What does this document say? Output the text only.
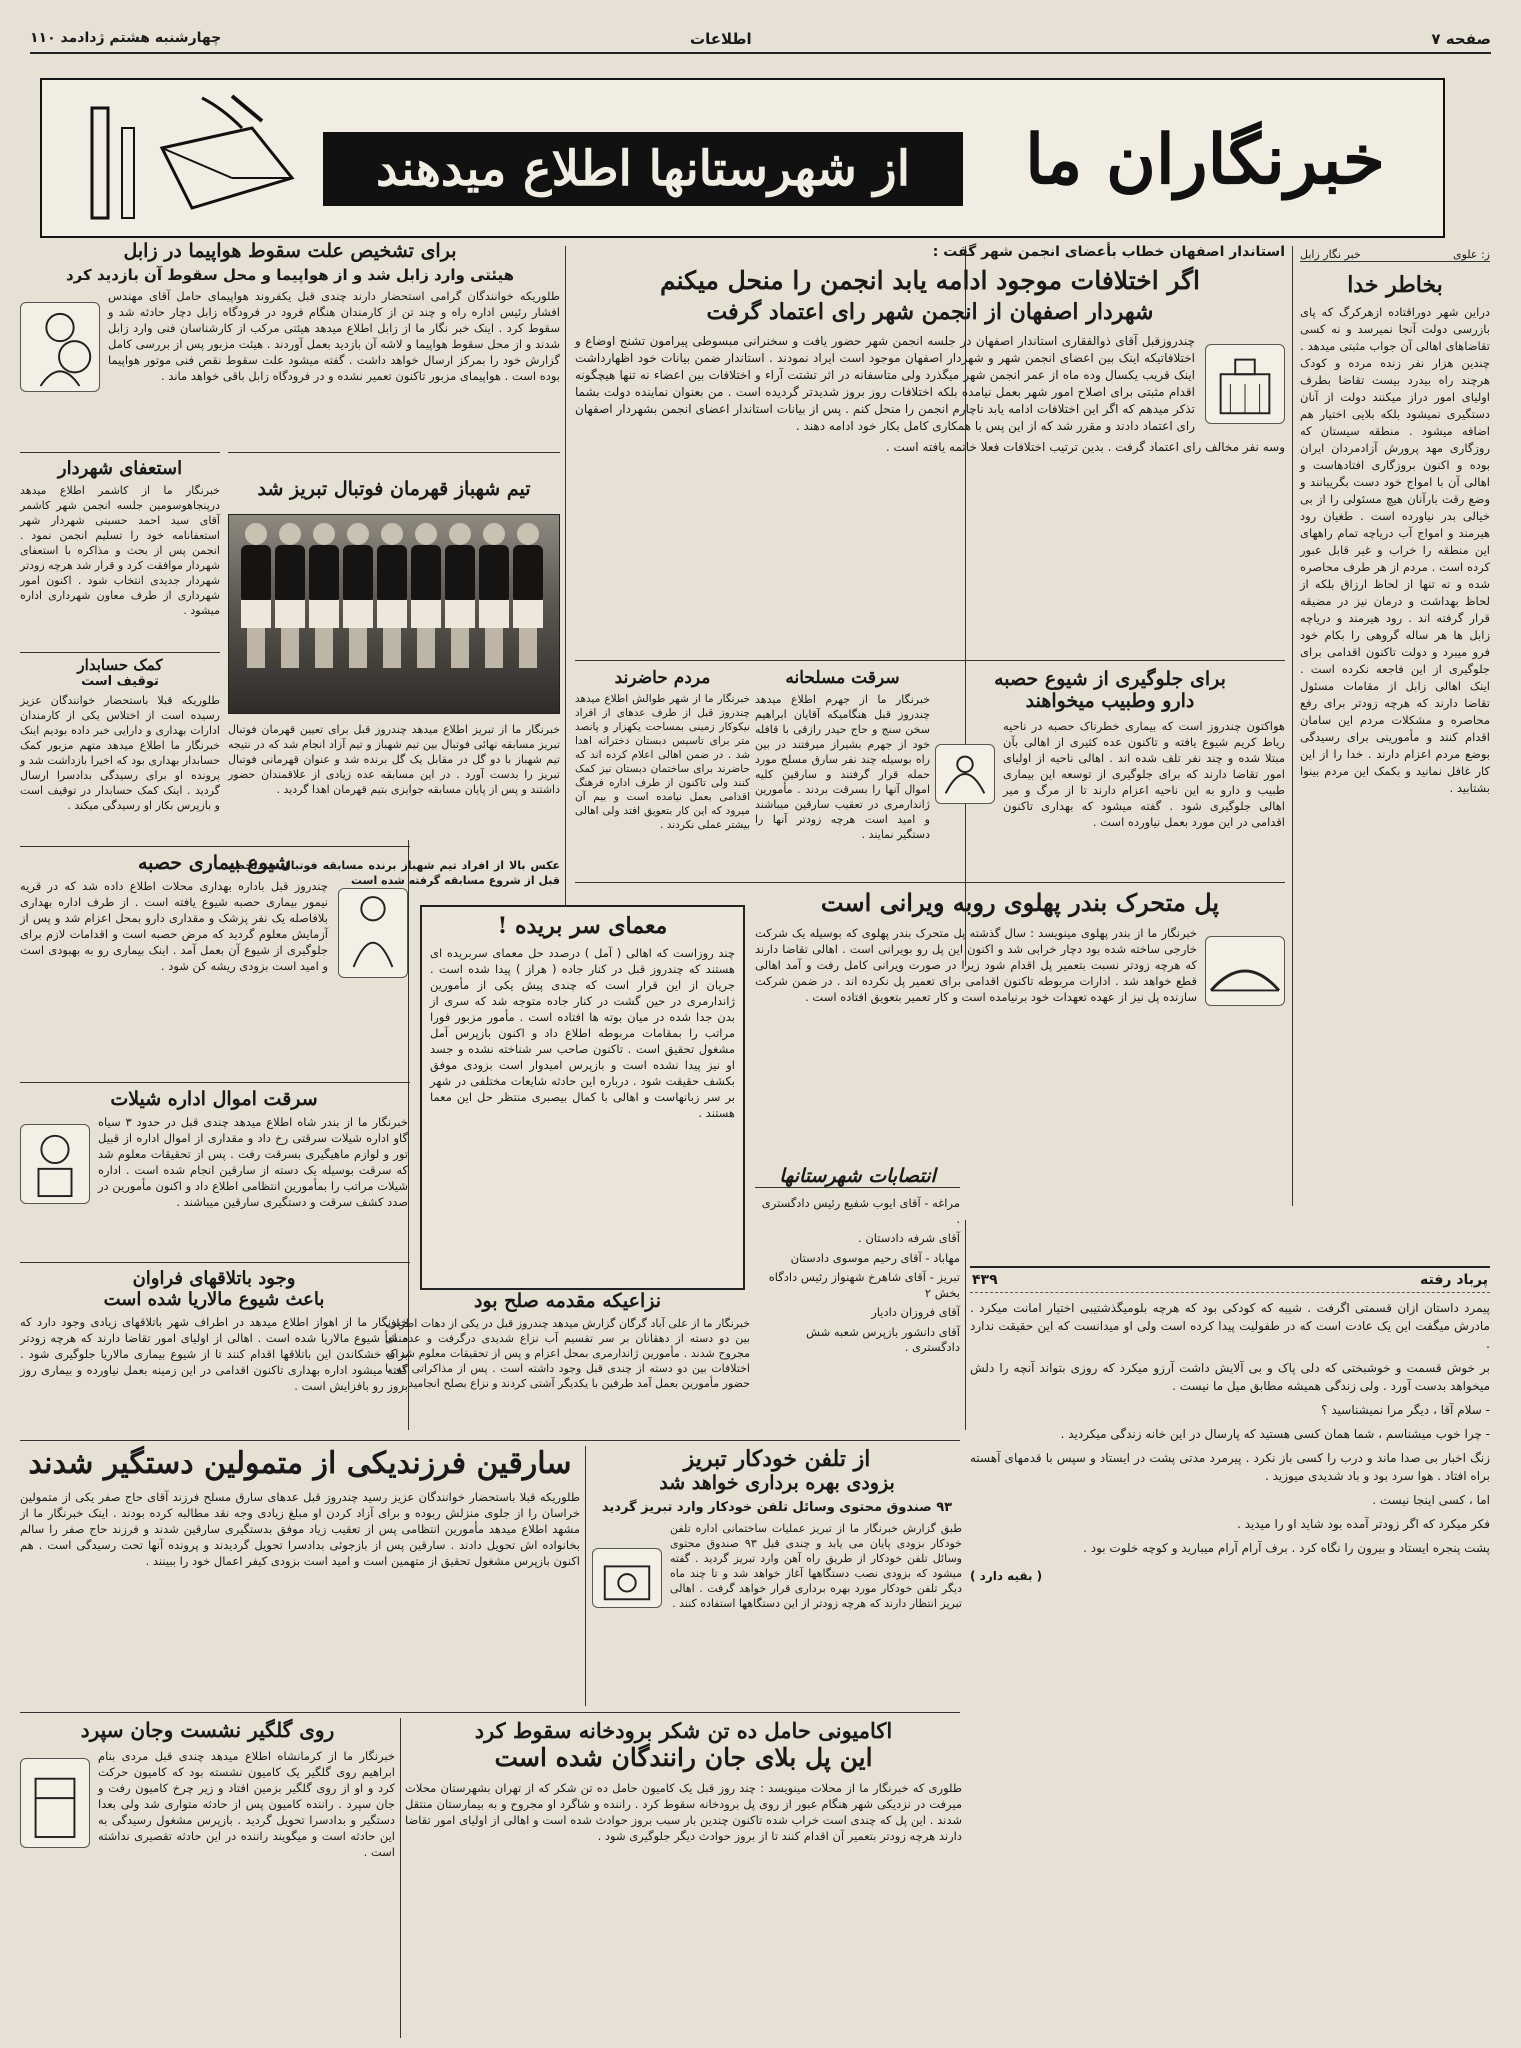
صفحه ۷
اطلاعات
چهارشنبه هشتم ژدادمد ۱۱۰
خبرنگاران ما
از شهرستانها اطلاع میدهند
ز: علوی
خبر نگار زابل
بخاطر خدا
دراین شهر دوراقتاده ازهرکرگ که پای بازرسی دولت آنجا نمیرسد و نه کسی تقاضاهای اهالی آن جواب مثبتی میدهد . چندین هزار نفر زنده مرده و کودک هرچند راه بیدرد بیست تقاضا بطرف اولیای امور دراز میکنند دولت از آنان دستگیری نمیشود بلکه بلایی اختیار هم اضافه میشود . منطقه سیستان که روزگاری مهد پرورش آزادمردان ایران بوده و اکنون بروزگاری افتادهاست و اهالی آن با امواج خود دست بگریبانند و وضع رقت بارآنان هیچ مسئولی را از بی خیالی بدر نیاورده است . طغیان رود هیرمند و امواج آب دریاچه تمام راههای این منطقه را خراب و غیر قابل عبور کرده است . مردم از هر طرف محاصره شده و ته تنها از لحاظ ارزاق بلکه از لحاظ بهداشت و درمان نیز در مضیقه قرار گرفته اند . رود هیرمند و دریاچه زابل ها هر ساله گروهی را بکام خود فرو میبرد و دولت تاکنون اقدامی برای جلوگیری از این فاجعه نکرده است . اینک اهالی زابل از مقامات مسئول تقاضا دارند که هرچه زودتر برای رفع محاصره و مشکلات مردم این سامان اقدام کنند و مأمورینی برای رسیدگی بوضع مردم اعزام دارند . خدا را از این کار غافل نمانید و بکمک این مردم بینوا بشتابید .
استاندار اصفهان خطاب بأعضای انجمن شهر گفت :
اگر اختلافات موجود ادامه یابد انجمن را منحل میکنم
شهردار اصفهان از انجمن شهر رای اعتماد گرفت
چندروزقبل آقای ذوالفقاری استاندار اصفهان در جلسه انجمن شهر حضور یافت و سخنرانی مبسوطی پیرامون تشنج اوضاع و اختلافاتیکه اینک بین اعضای انجمن شهر و شهردار اصفهان موجود است ایراد نمودند . استاندار ضمن بیانات خود اظهارداشت اینک قریب یکسال وده ماه از عمر انجمن شهر میگذرد ولی متاسفانه در اثر تشتت آراء و اختلافات بین اعضاء نه تنها هیچگونه اقدام مثبتی برای اصلاح امور شهر بعمل نیامده بلکه اختلافات روز بروز شدیدتر گردیده است . من بعنوان نماینده دولت بشما تذکر میدهم که اگر این اختلافات ادامه یابد ناچارم انجمن را منحل کنم . پس از بیانات استاندار اعضای انجمن بشهردار اصفهان رای اعتماد دادند و مقرر شد که از این پس با همکاری کامل بکار خود ادامه دهند .
وسه نفر مخالف رای اعتماد گرفت . بدین ترتیب اختلافات فعلا خاتمه یافته است .
برای جلوگیری از شیوع حصبه
دارو وطبیب میخواهند
هواکتون چندروز است که بیماری خطرناک حصبه در ناحیه ریاط کریم شیوع یافته و تاکنون عده کثیری از اهالی بآن مبتلا شده و چند نفر تلف شده اند . اهالی ناحیه از اولیای امور تقاضا دارند که برای جلوگیری از توسعه این بیماری طبیب و دارو به این ناحیه اعزام دارند تا از مرگ و میر اهالی جلوگیری شود . گفته میشود که بهداری تاکنون اقدامی در این مورد بعمل نیاورده است .
سرقت مسلحانه
خبرنگار ما از جهرم اطلاع میدهد چندروز قبل هنگامیکه آقایان ابراهیم سخن سنج و حاج حیدر رازقی با قافله خود از جهرم بشیراز میرفتند در بین راه بوسیله چند نفر سارق مسلح مورد حمله قرار گرفتند و سارقین کلیه اموال آنها را بسرقت بردند . مأمورین ژاندارمری در تعقیب سارقین میباشند و امید است هرچه زودتر آنها را دستگیر نمایند .
پل متحرک بندر پهلوی روبه ویرانی است
خبرنگار ما از بندر پهلوی مینویسد : سال گذشته پل متحرک بندر پهلوی که بوسیله یک شرکت خارجی ساخته شده بود دچار خرابی شد و اکنون این پل رو بویرانی است . اهالی تقاضا دارند که هرچه زودتر نسبت بتعمیر پل اقدام شود زیرا در صورت ویرانی کامل رفت و آمد اهالی قطع خواهد شد . ادارات مربوطه تاکنون اقدامی برای تعمیر پل نکرده اند . در ضمن شرکت سازنده پل نیز از عهده تعهدات خود برنیامده است و کار تعمیر بتعویق افتاده است .
برای تشخیص علت سقوط هواپیما در زابل
هیئتی وارد زابل شد و از هواپیما و محل سقوط آن بازدید کرد
طلوریکه خوانندگان گرامی استحضار دارند چندی قبل یکفروند هواپیمای حامل آقای مهندس افشار رئیس اداره راه و چند تن از کارمندان هنگام فرود در فرودگاه زابل دچار حادثه شد و سقوط کرد . اینک خبر نگار ما از زابل اطلاع میدهد هیئتی مرکب از کارشناسان فنی وارد زابل شدند و از محل سقوط هواپیما و لاشه آن بازدید بعمل آوردند . هیئت مزبور پس از بررسی کامل گزارش خود را بمرکز ارسال خواهد داشت . گفته میشود علت سقوط نقص فنی موتور هواپیما بوده است . هواپیمای مزبور تاکنون تعمیر نشده و در فرودگاه زابل باقی خواهد ماند .
استعفای شهردار
خبرنگار ما از کاشمر اطلاع میدهد درپنجاهوسومین جلسه انجمن شهر کاشمر آقای سید احمد حسینی شهردار شهر استعفانامه خود را تسلیم انجمن نمود . انجمن پس از بحث و مذاکره با استعفای شهردار موافقت کرد و قرار شد هرچه زودتر شهردار جدیدی انتخاب شود . اکنون امور شهرداری از طرف معاون شهرداری اداره میشود .
کمک حسابدار
توقیف است
طلوریکه قبلا باستحضار خوانندگان عزیز رسیده است از اختلاس یکی از کارمندان ادارات بهداری و دارایی خبر داده بودیم اینک خبرنگار ما اطلاع میدهد متهم مزبور کمک حسابدار بهداری بود که اخیرا بازداشت شد و پرونده او برای رسیدگی بدادسرا ارسال گردید . اینک کمک حسابدار در توقیف است و بازپرس بکار او رسیدگی میکند .
تیم شهباز قهرمان فوتبال تبریز شد
خبرنگار ما از تبریز اطلاع میدهد چندروز قبل برای تعیین قهرمان فوتبال تبریز مسابقه نهائی فوتبال بین تیم شهباز و تیم آزاد انجام شد که در نتیجه تیم شهباز با دو گل در مقابل یک گل برنده شد و عنوان قهرمانی فوتبال تبریز را بدست آورد . در این مسابقه عده زیادی از علاقمندان حضور داشتند و پس از پایان مسابقه جوایزی بتیم قهرمان اهدا گردید .
عکس بالا از افراد تیم شهباز برنده مسابقه فوتبال چندلحظه قبل از شروع مسابقه گرفته شده است
شیوع بیماری حصبه
چندروز قبل باداره بهداری محلات اطلاع داده شد که در قریه نیمور بیماری حصبه شیوع یافته است . از طرف اداره بهداری بلافاصله یک نفر پزشک و مقداری دارو بمحل اعزام شد و پس از آزمایش معلوم گردید که مرض حصبه است و اقدامات لازم برای جلوگیری از شیوع آن بعمل آمد . اینک بیماری رو به بهبودی است و امید است بزودی ریشه کن شود .
سرقت اموال اداره شیلات
خبرنگار ما از بندر شاه اطلاع میدهد چندی قبل در حدود ۳ سیاه گاو اداره شیلات سرقتی رخ داد و مقداری از اموال اداره از قبیل تور و لوازم ماهیگیری بسرقت رفت . پس از تحقیقات معلوم شد که سرقت بوسیله یک دسته از سارقین انجام شده است . اداره شیلات مراتب را بمأمورین انتظامی اطلاع داد و اکنون مأمورین در صدد کشف سرقت و دستگیری سارقین میباشند .
وجود باتلاقهای فراوان
باعث شیوع مالاریا شده است
خبرنگار ما از اهواز اطلاع میدهد در اطراف شهر باتلاقهای زیادی وجود دارد که منشأ شیوع مالاریا شده است . اهالی از اولیای امور تقاضا دارند که هرچه زودتر برای خشکاندن این باتلاقها اقدام کنند تا از شیوع بیماری مالاریا جلوگیری شود . گفته میشود اداره بهداری تاکنون اقدامی در این زمینه بعمل نیاورده و بیماری روز بروز رو بافزایش است .
معمای سر بریده !
چند روزاست که اهالی ( آمل ) درصدد حل معمای سربریده ای هستند که چندروز قبل در کنار جاده ( هراز ) پیدا شده است . جریان از این قرار است که چندی پیش یکی از مأمورین ژاندارمری در حین گشت در کنار جاده متوجه شد که سری از بدن جدا شده در میان بوته ها افتاده است . مأمور مزبور فورا مراتب را بمقامات مربوطه اطلاع داد و اکنون بازپرس آمل مشغول تحقیق است . تاکنون صاحب سر شناخته نشده و جسد او نیز پیدا نشده است و بازپرس امیدوار است بزودی موفق بکشف حقیقت شود . درباره این حادثه شایعات مختلفی در شهر بر سر زبانهاست و اهالی با کمال بیصبری منتظر حل این معما هستند .
نزاعیکه مقدمه صلح بود
خبرنگار ما از علی آباد گرگان گزارش میدهد چندروز قبل در یکی از دهات اطراف بین دو دسته از دهقانان بر سر تقسیم آب نزاع شدیدی درگرفت و عده ای مجروح شدند . مأمورین ژاندارمری بمحل اعزام و پس از تحقیقات معلوم شد که اختلافات بین دو دسته از چندی قبل وجود داشته است . پس از مذاکراتی که با حضور مأمورین بعمل آمد طرفین با یکدیگر آشتی کردند و نزاع بصلح انجامید .
انتصابات شهرستانها
مراغه - آقای ایوب شفیع رئیس دادگستری .
آقای شرفه دادستان .
مهاباد - آقای رحیم موسوی دادستان
تبریز - آقای شاهرخ شهنواز رئیس دادگاه بخش ۲
آقای فروزان دادیار
آقای دانشور بازپرس شعبه شش دادگستری .
پرباد رفته
۴۳۹
پیمرد داستان ازان قسمتی اگرفت . شیبه که کودکی بود که هرچه بلومیگذشتیبی اختیار امانت میکرد . مادرش میگفت این یک عادت است که در طفولیت پیدا کرده است ولی او میدانست که این حقیقت ندارد .
بر خوش قسمت و خوشبختی که دلی پاک و بی آلایش داشت آرزو میکرد که روزی بتواند آنچه را دلش میخواهد بدست آورد . ولی زندگی همیشه مطابق میل ما نیست .
- سلام آقا ، دیگر مرا نمیشناسید ؟
- چرا خوب میشناسم ، شما همان کسی هستید که پارسال در این خانه زندگی میکردید .
زنگ اخبار بی صدا ماند و درب را کسی باز نکرد . پیرمرد مدتی پشت در ایستاد و سپس با قدمهای آهسته براه افتاد . هوا سرد بود و باد شدیدی میوزید .
اما ، کسی اینجا نیست .
فکر میکرد که اگر زودتر آمده بود شاید او را میدید .
پشت پنجره ایستاد و بیرون را نگاه کرد . برف آرام آرام میبارید و کوچه خلوت بود .
( بقیه دارد )
سارقین فرزندیکی از متمولین دستگیر شدند
طلوریکه قبلا باستحضار خوانندگان عزیز رسید چندروز قبل عدهای سارق مسلح فرزند آقای حاج صفر یکی از متمولین خراسان را از جلوی منزلش ربوده و برای آزاد کردن او مبلغ زیادی وجه نقد مطالبه کرده بودند . اینک خبرنگار ما از مشهد اطلاع میدهد مأمورین انتظامی پس از تعقیب زیاد موفق بدستگیری سارقین شدند و فرزند حاج صفر را سالم بخانواده اش تحویل دادند . سارقین پس از بازجوئی بدادسرا تحویل گردیدند و پرونده آنها تحت رسیدگی است . هم اکنون بازپرس مشغول تحقیق از متهمین است و امید است بزودی کیفر اعمال خود را ببینند .
از تلفن خودکار تبریز
بزودی بهره برداری خواهد شد
۹۳ صندوق محتوی وسائل تلفن خودکار وارد تبریز گردید
طبق گزارش خبرنگار ما از تبریز عملیات ساختمانی اداره تلفن خودکار بزودی پایان می یابد و چندی قبل ۹۳ صندوق محتوی وسائل تلفن خودکار از طریق راه آهن وارد تبریز گردید . گفته میشود که بزودی نصب دستگاهها آغاز خواهد شد و تا چند ماه دیگر تلفن خودکار مورد بهره برداری قرار خواهد گرفت . اهالی تبریز انتظار دارند که هرچه زودتر از این دستگاهها استفاده کنند .
روی گلگیر نشست وجان سپرد
خبرنگار ما از کرمانشاه اطلاع میدهد چندی قبل مردی بنام ابراهیم روی گلگیر یک کامیون نشسته بود که کامیون حرکت کرد و او از روی گلگیر بزمین افتاد و زیر چرخ کامیون رفت و جان سپرد . راننده کامیون پس از حادثه متواری شد ولی بعدا دستگیر و بدادسرا تحویل گردید . بازپرس مشغول رسیدگی به این حادثه است و میگویند راننده در این حادثه تقصیری نداشته است .
اکامیونی حامل ده تن شکر برودخانه سقوط کرد
این پل بلای جان رانندگان شده است
طلوری که خبرنگار ما از محلات مینویسد : چند روز قبل یک کامیون حامل ده تن شکر که از تهران بشهرستان محلات میرفت در نزدیکی شهر هنگام عبور از روی پل برودخانه سقوط کرد . راننده و شاگرد او مجروح و به بیمارستان منتقل شدند . این پل که چندی است خراب شده تاکنون چندین بار سبب بروز حوادث شده است و اهالی از اولیای امور تقاضا دارند هرچه زودتر بتعمیر آن اقدام کنند تا از بروز حوادث دیگر جلوگیری شود .
مردم حاضرند
خبرنگار ما از شهر طوالش اطلاع میدهد چندروز قبل از طرف عدهای از افراد نیکوکار زمینی بمساحت یکهزار و پانصد متر برای تاسیس دبستان دخترانه اهدا شد . در ضمن اهالی اعلام کرده اند که حاضرند برای ساختمان دبستان نیز کمک کنند ولی تاکنون از طرف اداره فرهنگ اقدامی بعمل نیامده است و بیم آن میرود که این کار بتعویق افتد ولی اهالی بیشتر عملی نکردند .
